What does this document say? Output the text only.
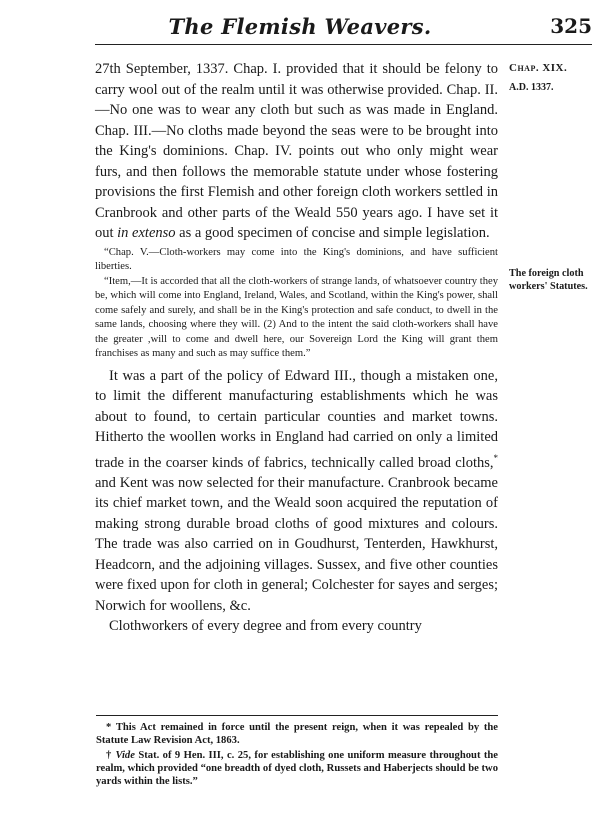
The Flemish Weavers.	325
Chap. XIX.
A.D. 1337.
The foreign cloth workers' Statutes.

27th September, 1337. Chap. I. provided that it should be felony to carry wool out of the realm until it was otherwise provided. Chap. II.—No one was to wear any cloth but such as was made in England. Chap. III.—No cloths made beyond the seas were to be brought into the King's dominions. Chap. IV. points out who only might wear furs, and then follows the memorable statute under whose fostering provisions the first Flemish and other foreign cloth workers settled in Cranbrook and other parts of the Weald 550 years ago. I have set it out in extenso as a good specimen of concise and simple legislation.

“Chap. V.—Cloth-workers may come into the King's dominions, and have sufficient liberties.

“Item,—It is accorded that all the cloth-workers of strange landз, of whatsoever country they be, which will come into England, Ireland, Wales, and Scotland, within the King's power, shall come safely and surely, and shall be in the King's protection and safe conduct, to dwell in the same lands, choosing where they will. (2) And to the intent the said cloth-workers shall have the greater ,will to come and dwell here, our Sovereign Lord the King will grant them franchises as many and such as may suffice them.”

It was a part of the policy of Edward III., though a mistaken one, to limit the different manufacturing establishments which he was about to found, to certain particular counties and market towns. Hitherto the woollen works in England had carried on only a limited trade in the coarser kinds of fabrics, technically called broad cloths,* and Kent was now selected for their manufacture. Cranbrook became its chief market town, and the Weald soon acquired the reputation of making strong durable broad cloths of good mixtures and colours. The trade was also carried on in Goudhurst, Tenterden, Hawkhurst, Headcorn, and the adjoining villages. Sussex, and five other counties were fixed upon for cloth in general; Colchester for sayes and serges; Norwich for woollens, &c.

Clothworkers of every degree and from every country

* This Act remained in force until the present reign, when it was repealed by the Statute Law Revision Act, 1863.

† Vide Stat. of 9 Hen. III, c. 25, for establishing one uniform measure throughout the realm, which provided “one breadth of dyed cloth, Russets and Haberjects should be two yards within the lists.”
